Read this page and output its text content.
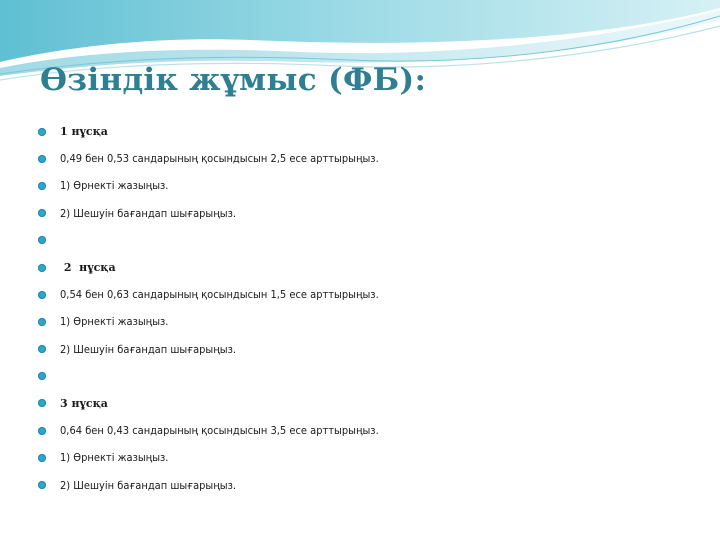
Өзіндік жұмыс (ФБ):
1 нұсқа
0,49 бен 0,53 сандарының қосындысын 2,5 есе арттырыңыз.
1) Өрнекті жазыңыз.
2) Шешуін бағандап шығарыңыз.
2  нұсқа
0,54 бен 0,63 сандарының қосындысын 1,5 есе арттырыңыз.
1) Өрнекті жазыңыз.
2) Шешуін бағандап шығарыңыз.
3 нұсқа
0,64 бен 0,43 сандарының қосындысын 3,5 есе арттырыңыз.
1) Өрнекті жазыңыз.
2) Шешуін бағандап шығарыңыз.
